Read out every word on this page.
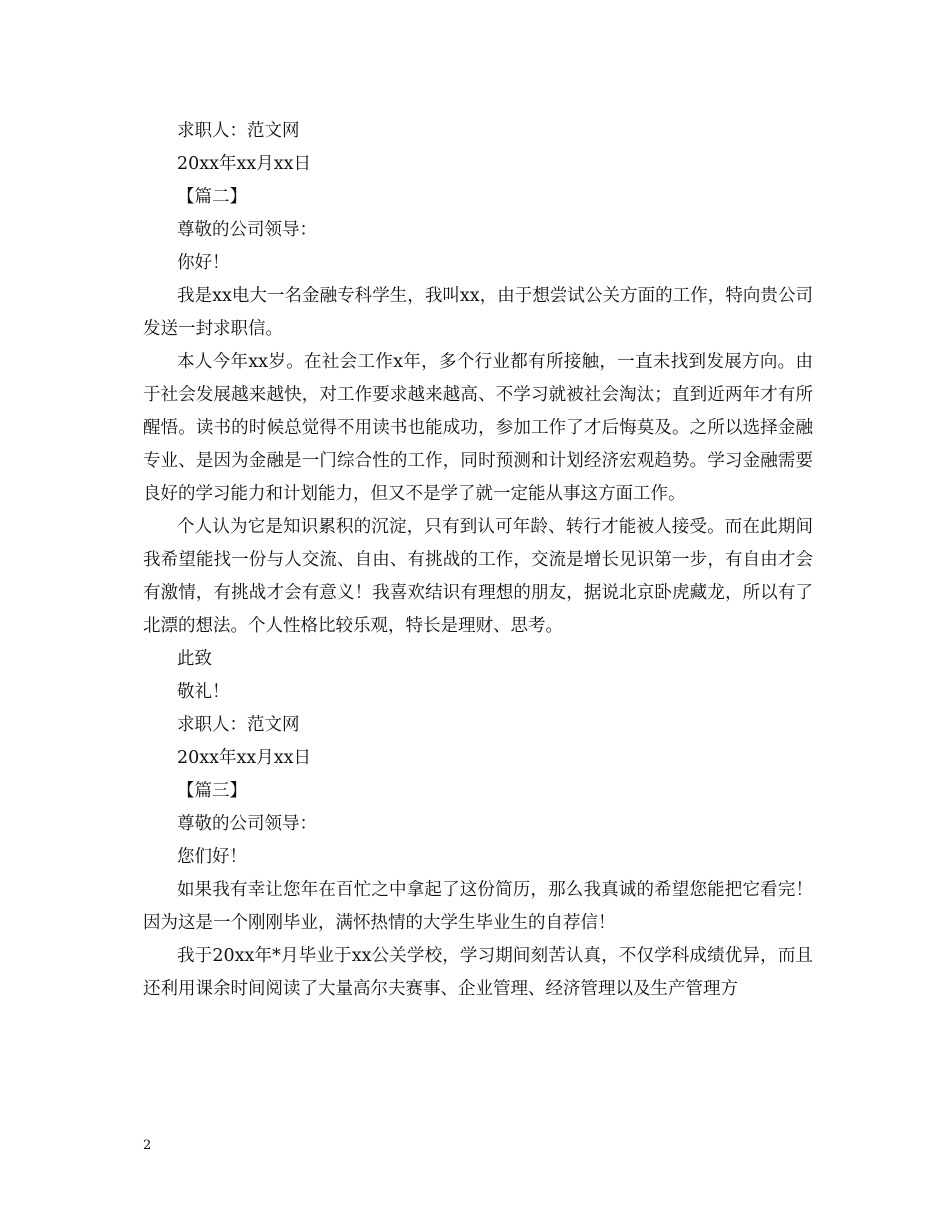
求职人：范文网
20xx年xx月xx日
【篇二】
尊敬的公司领导：
你好！

我是xx电大一名金融专科学生，我叫xx，由于想尝试公关方面的工作，特向贵公司发送一封求职信。

本人今年xx岁。在社会工作x年，多个行业都有所接触，一直未找到发展方向。由于社会发展越来越快，对工作要求越来越高、不学习就被社会淘汰；直到近两年才有所醒悟。读书的时候总觉得不用读书也能成功，参加工作了才后悔莫及。之所以选择金融专业、是因为金融是一门综合性的工作，同时预测和计划经济宏观趋势。学习金融需要良好的学习能力和计划能力，但又不是学了就一定能从事这方面工作。

个人认为它是知识累积的沉淀，只有到认可年龄、转行才能被人接受。而在此期间我希望能找一份与人交流、自由、有挑战的工作，交流是增长见识第一步，有自由才会有激情，有挑战才会有意义！我喜欢结识有理想的朋友，据说北京卧虎藏龙，所以有了北漂的想法。个人性格比较乐观，特长是理财、思考。

此致
敬礼！
求职人：范文网
20xx年xx月xx日
【篇三】
尊敬的公司领导：
您们好！

如果我有幸让您年在百忙之中拿起了这份简历，那么我真诚的希望您能把它看完！因为这是一个刚刚毕业，满怀热情的大学生毕业生的自荐信！

我于20xx年*月毕业于xx公关学校，学习期间刻苦认真，不仅学科成绩优异，而且还利用课余时间阅读了大量高尔夫赛事、企业管理、经济管理以及生产管理方

2
